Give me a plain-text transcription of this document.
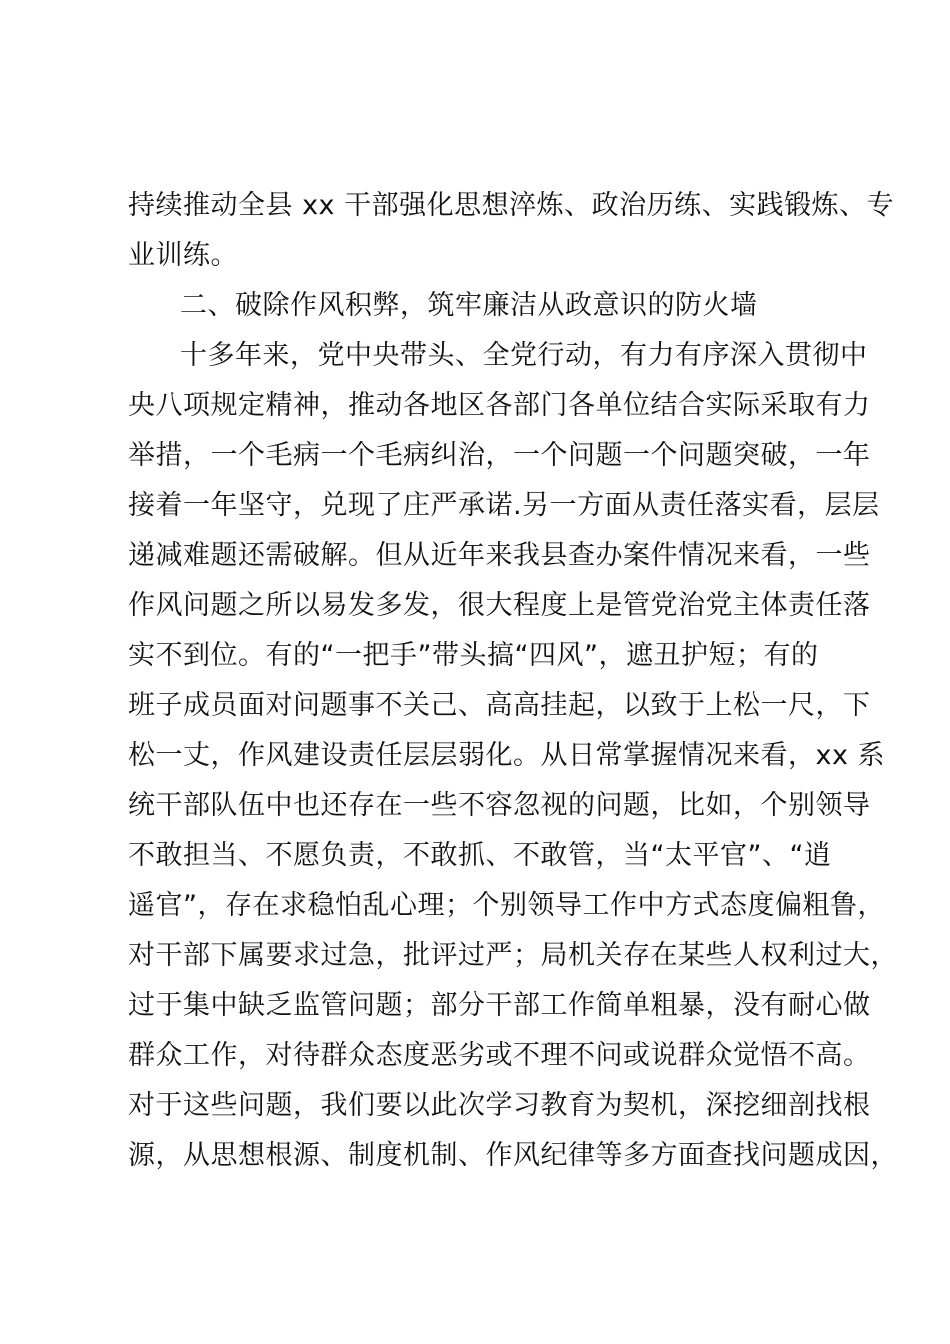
持续推动全县 xx 干部强化思想淬炼、政治历练、实践锻炼、专
业训练。
二、破除作风积弊，筑牢廉洁从政意识的防火墙
十多年来，党中央带头、全党行动，有力有序深入贯彻中
央八项规定精神，推动各地区各部门各单位结合实际采取有力
举措，一个毛病一个毛病纠治，一个问题一个问题突破，一年
接着一年坚守，兑现了庄严承诺.另一方面从责任落实看，层层
递减难题还需破解。但从近年来我县查办案件情况来看，一些
作风问题之所以易发多发，很大程度上是管党治党主体责任落
实不到位。有的“一把手”带头搞“四风”，遮丑护短；有的
班子成员面对问题事不关己、高高挂起，以致于上松一尺，下
松一丈，作风建设责任层层弱化。从日常掌握情况来看，xx 系
统干部队伍中也还存在一些不容忽视的问题，比如，个别领导
不敢担当、不愿负责，不敢抓、不敢管，当“太平官”、“逍
遥官”，存在求稳怕乱心理；个别领导工作中方式态度偏粗鲁，
对干部下属要求过急，批评过严；局机关存在某些人权利过大，
过于集中缺乏监管问题；部分干部工作简单粗暴，没有耐心做
群众工作，对待群众态度恶劣或不理不问或说群众觉悟不高。
对于这些问题，我们要以此次学习教育为契机，深挖细剖找根
源，从思想根源、制度机制、作风纪律等多方面查找问题成因，
